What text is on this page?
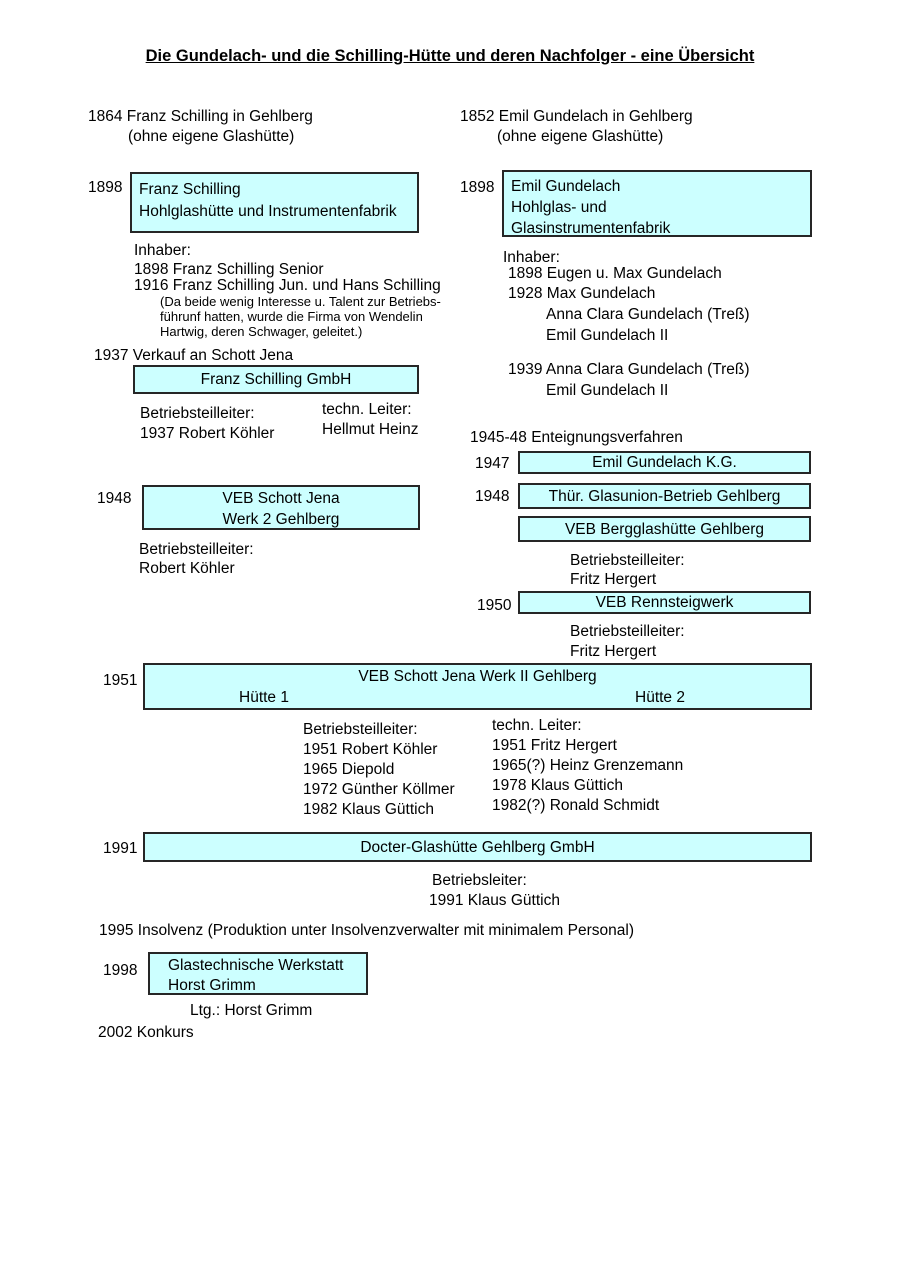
Die Gundelach- und die Schilling-Hütte und deren Nachfolger - eine Übersicht
1864 Franz Schilling in Gehlberg
(ohne eigene Glashütte)
1852 Emil Gundelach in Gehlberg
(ohne eigene Glashütte)
1898 Franz Schilling
Hohlglashütte und Instrumentenfabrik
1898 Emil Gundelach
Hohlglas- und
Glasinstrumentenfabrik
Inhaber:
1898 Franz Schilling Senior
1916 Franz Schilling Jun. und Hans Schilling
(Da beide wenig Interesse u. Talent zur Betriebs-
führunf hatten, wurde die Firma von Wendelin
Hartwig, deren Schwager, geleitet.)
Inhaber:
1898 Eugen u. Max Gundelach
1928 Max Gundelach
Anna Clara Gundelach (Treß)
Emil Gundelach II
1939 Anna Clara Gundelach (Treß)
Emil Gundelach II
1937 Verkauf an Schott Jena
Franz Schilling GmbH
Betriebsteilleiter:
1937 Robert Köhler
techn. Leiter:
Hellmut Heinz	1945-48 Enteignungsverfahren
1947	Emil Gundelach K.G.
1948	Thür. Glasunion-Betrieb Gehlberg
VEB Bergglashütte Gehlberg
Betriebsteilleiter:
Fritz Hergert
1950	VEB Rennsteigwerk
Betriebsteilleiter:
Fritz Hergert
1948	VEB Schott Jena
Werk 2 Gehlberg
Betriebsteilleiter:
Robert Köhler
1951	VEB Schott Jena Werk II Gehlberg
Hütte 1	Hütte 2
Betriebsteilleiter:
1951 Robert Köhler
1965 Diepold
1972 Günther Köllmer
1982 Klaus Güttich
techn. Leiter:
1951 Fritz Hergert
1965(?) Heinz Grenzemann
1978 Klaus Güttich
1982(?) Ronald Schmidt
1991	Docter-Glashütte Gehlberg GmbH
Betriebsleiter:
1991 Klaus Güttich
1995 Insolvenz (Produktion unter Insolvenzverwalter mit minimalem Personal)
1998 Glastechnische Werkstatt
Horst Grimm
Ltg.: Horst Grimm
2002 Konkurs
